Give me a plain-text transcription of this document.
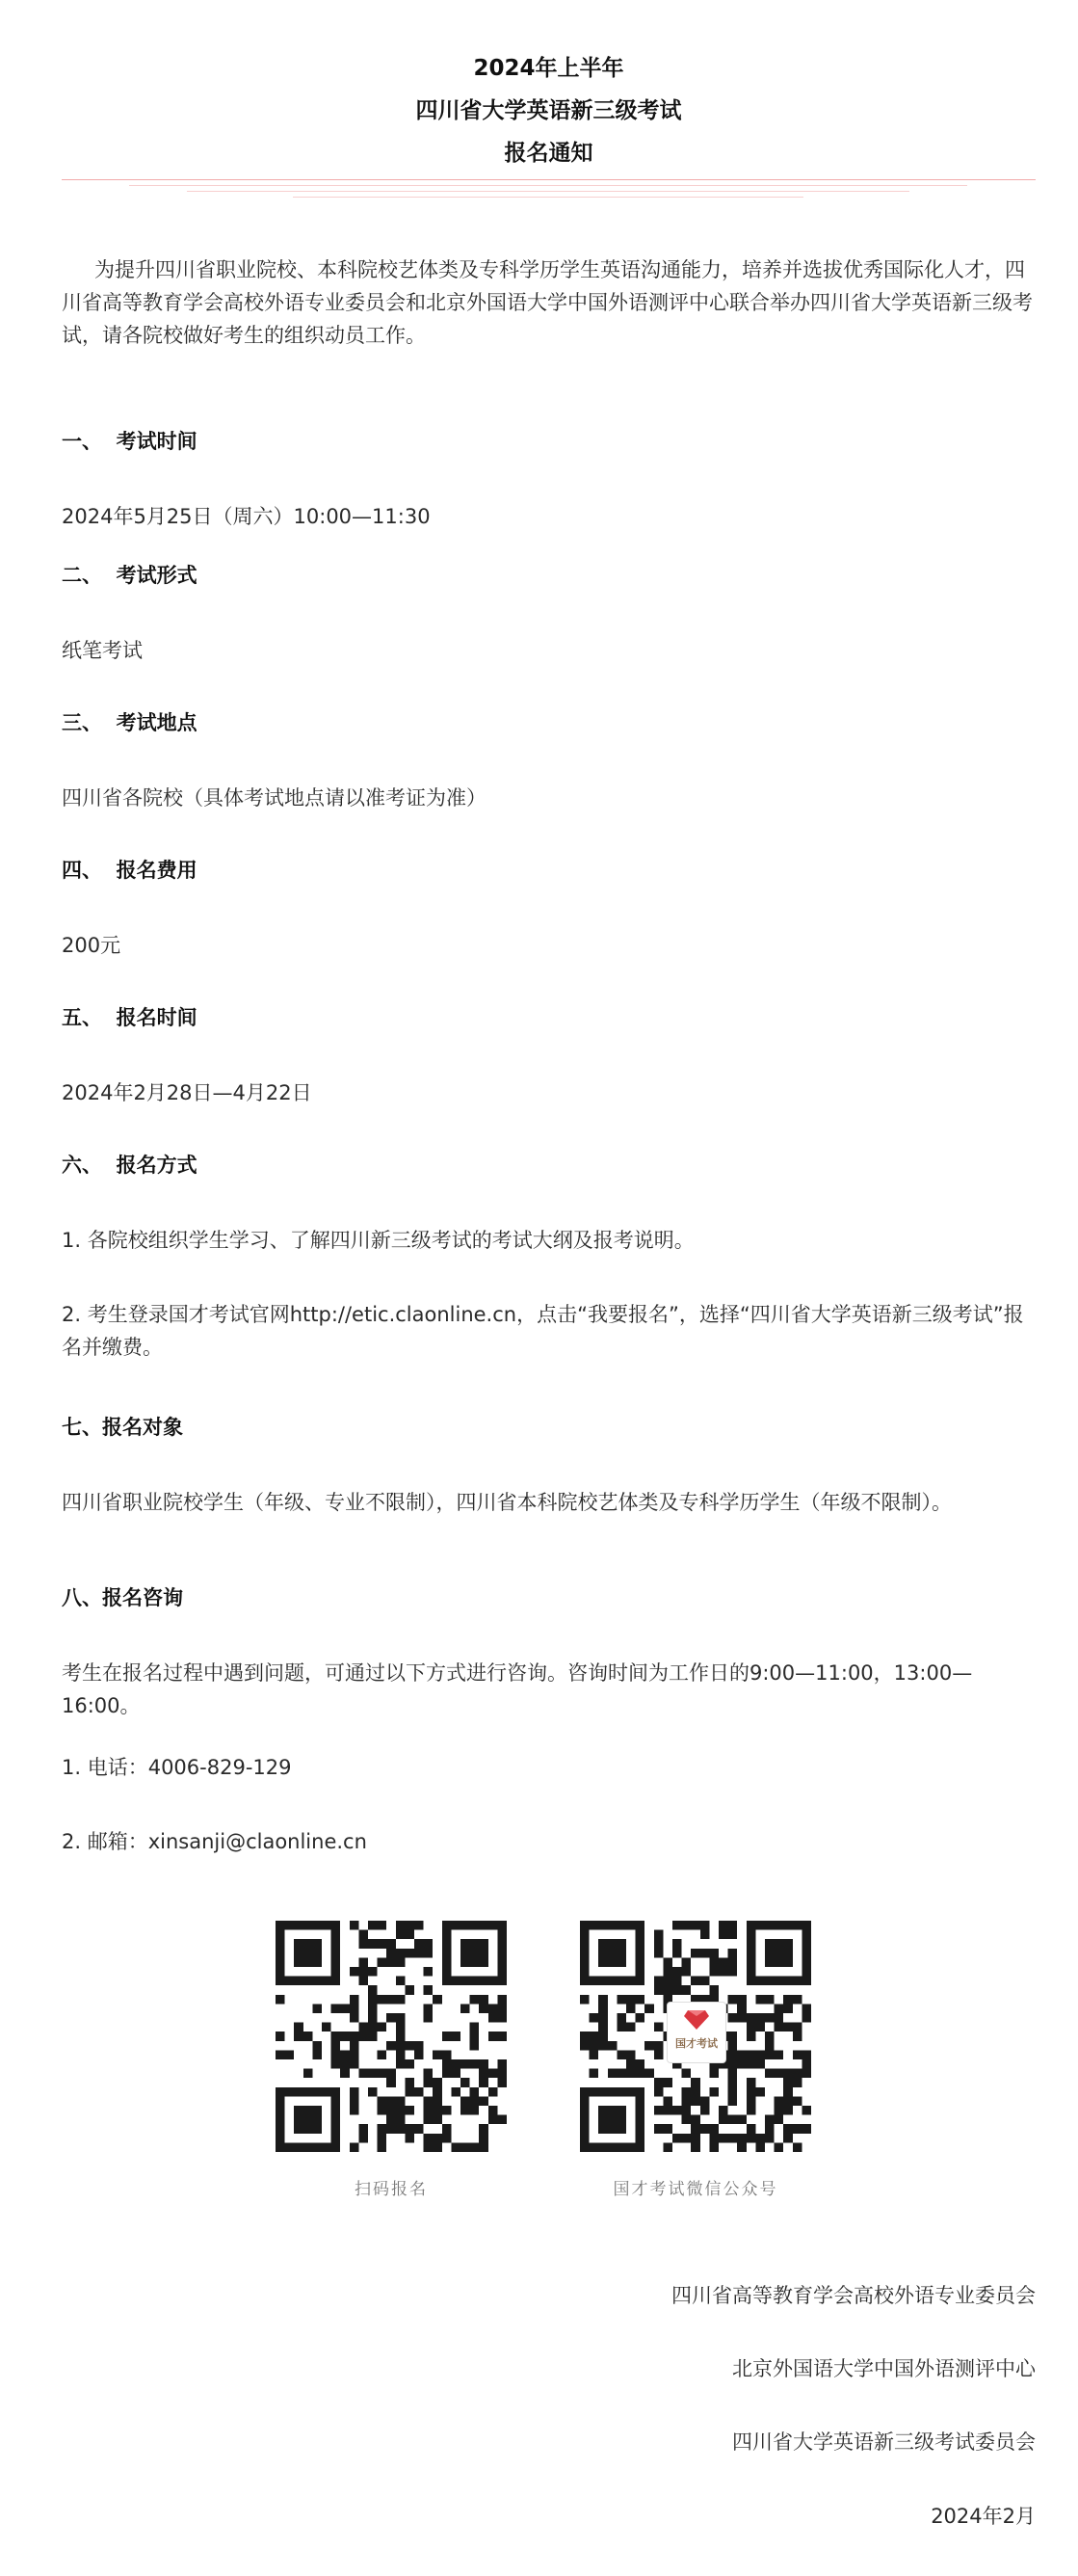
2024年上半年
四川省大学英语新三级考试
报名通知
为提升四川省职业院校、本科院校艺体类及专科学历学生英语沟通能力，培养并选拔优秀国际化人才，四川省高等教育学会高校外语专业委员会和北京外国语大学中国外语测评中心联合举办四川省大学英语新三级考试，请各院校做好考生的组织动员工作。
一、  考试时间
2024年5月25日（周六）10:00—11:30
二、  考试形式
纸笔考试
三、  考试地点
四川省各院校（具体考试地点请以准考证为准）
四、  报名费用
200元
五、  报名时间
2024年2月28日—4月22日
六、  报名方式
1. 各院校组织学生学习、了解四川新三级考试的考试大纲及报考说明。
2. 考生登录国才考试官网http://etic.claonline.cn，点击“我要报名”，选择“四川省大学英语新三级考试”报名并缴费。
七、报名对象
四川省职业院校学生（年级、专业不限制），四川省本科院校艺体类及专科学历学生（年级不限制）。
八、报名咨询
考生在报名过程中遇到问题，可通过以下方式进行咨询。咨询时间为工作日的9:00—11:00，13:00—16:00。
1. 电话：4006-829-129
2. 邮箱：xinsanji@claonline.cn
扫码报名
国才考试
国才考试微信公众号
四川省高等教育学会高校外语专业委员会
北京外国语大学中国外语测评中心
四川省大学英语新三级考试委员会
2024年2月
